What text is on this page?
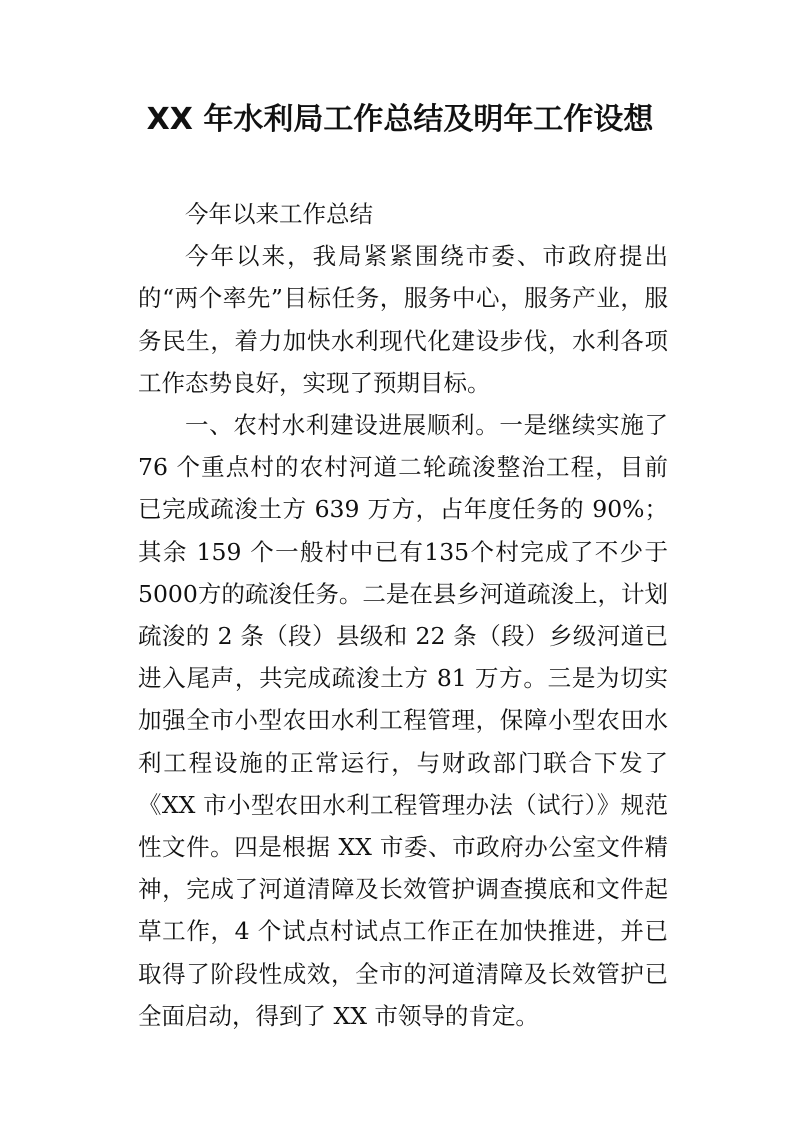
XX 年水利局工作总结及明年工作设想

今年以来工作总结

今年以来，我局紧紧围绕市委、市政府提出的“两个率先”目标任务，服务中心，服务产业，服务民生，着力加快水利现代化建设步伐，水利各项工作态势良好，实现了预期目标。

一、农村水利建设进展顺利。一是继续实施了 76 个重点村的农村河道二轮疏浚整治工程，目前已完成疏浚土方 639 万方，占年度任务的 90%；其余 159 个一般村中已有135个村完成了不少于5000方的疏浚任务。二是在县乡河道疏浚上，计划疏浚的 2 条（段）县级和 22 条（段）乡级河道已进入尾声，共完成疏浚土方 81 万方。三是为切实加强全市小型农田水利工程管理，保障小型农田水利工程设施的正常运行，与财政部门联合下发了《XX 市小型农田水利工程管理办法（试行）》规范性文件。四是根据 XX 市委、市政府办公室文件精神，完成了河道清障及长效管护调查摸底和文件起草工作，4 个试点村试点工作正在加快推进，并已取得了阶段性成效，全市的河道清障及长效管护已全面启动，得到了 XX 市领导的肯定。
